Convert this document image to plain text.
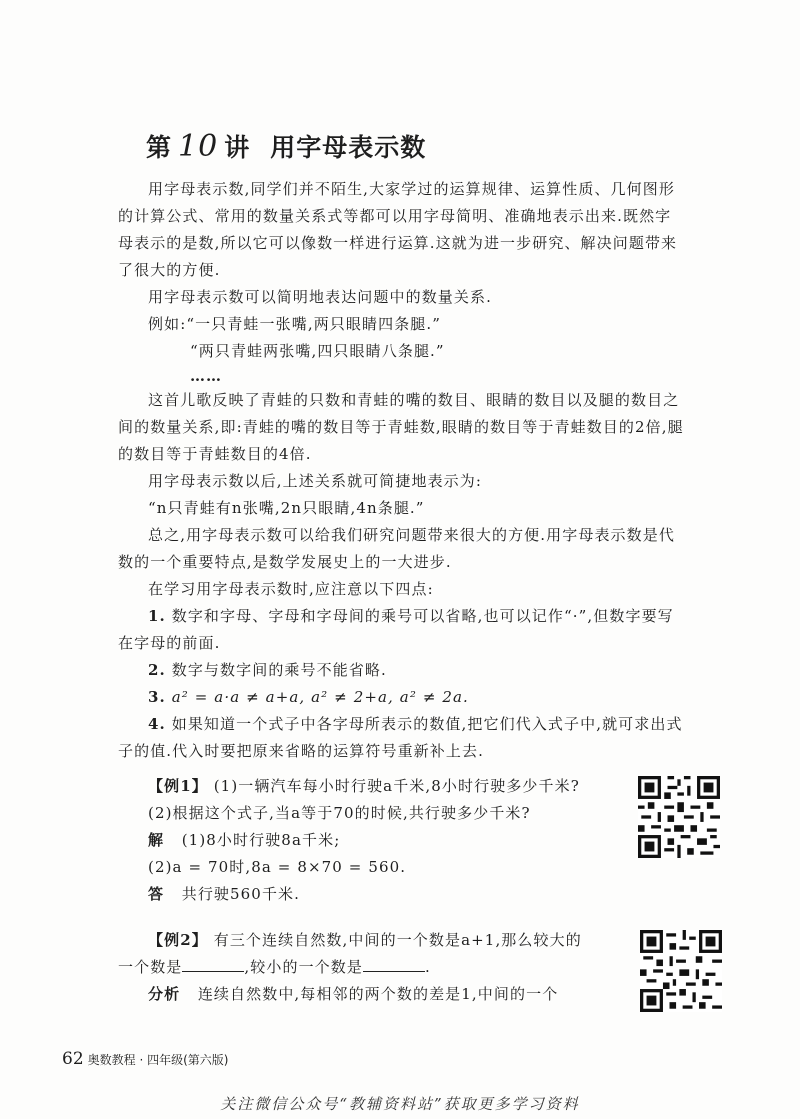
第 10 讲 用字母表示数

用字母表示数,同学们并不陌生,大家学过的运算规律、运算性质、几何图形的计算公式、常用的数量关系式等都可以用字母简明、准确地表示出来.既然字母表示的是数,所以它可以像数一样进行运算.这就为进一步研究、解决问题带来了很大的方便.

用字母表示数可以简明地表达问题中的数量关系.

例如:“一只青蛙一张嘴,两只眼睛四条腿.”

“两只青蛙两张嘴,四只眼睛八条腿.”

……

这首儿歌反映了青蛙的只数和青蛙的嘴的数目、眼睛的数目以及腿的数目之间的数量关系,即:青蛙的嘴的数目等于青蛙数,眼睛的数目等于青蛙数目的2倍,腿的数目等于青蛙数目的4倍.

用字母表示数以后,上述关系就可简捷地表示为:

“n只青蛙有n张嘴,2n只眼睛,4n条腿.”

总之,用字母表示数可以给我们研究问题带来很大的方便.用字母表示数是代数的一个重要特点,是数学发展史上的一大进步.

在学习用字母表示数时,应注意以下四点:

1. 数字和字母、字母和字母间的乘号可以省略,也可以记作“·”,但数字要写在字母的前面.

2. 数字与数字间的乘号不能省略.

3. a² = a·a ≠ a+a, a² ≠ 2+a, a² ≠ 2a.

4. 如果知道一个式子中各字母所表示的数值,把它们代入式子中,就可求出式子的值.代入时要把原来省略的运算符号重新补上去.

【例1】 (1)一辆汽车每小时行驶a千米,8小时行驶多少千米?

(2)根据这个式子,当a等于70的时候,共行驶多少千米?

解 (1)8小时行驶8a千米;

(2)a = 70时,8a = 8×70 = 560.

答 共行驶560千米.

【例2】 有三个连续自然数,中间的一个数是a+1,那么较大的

一个数是	,较小的一个数是	.

分析 连续自然数中,每相邻的两个数的差是1,中间的一个

62 奥数教程 · 四年级(第六版)
关注微信公众号“教辅资料站”获取更多学习资料
